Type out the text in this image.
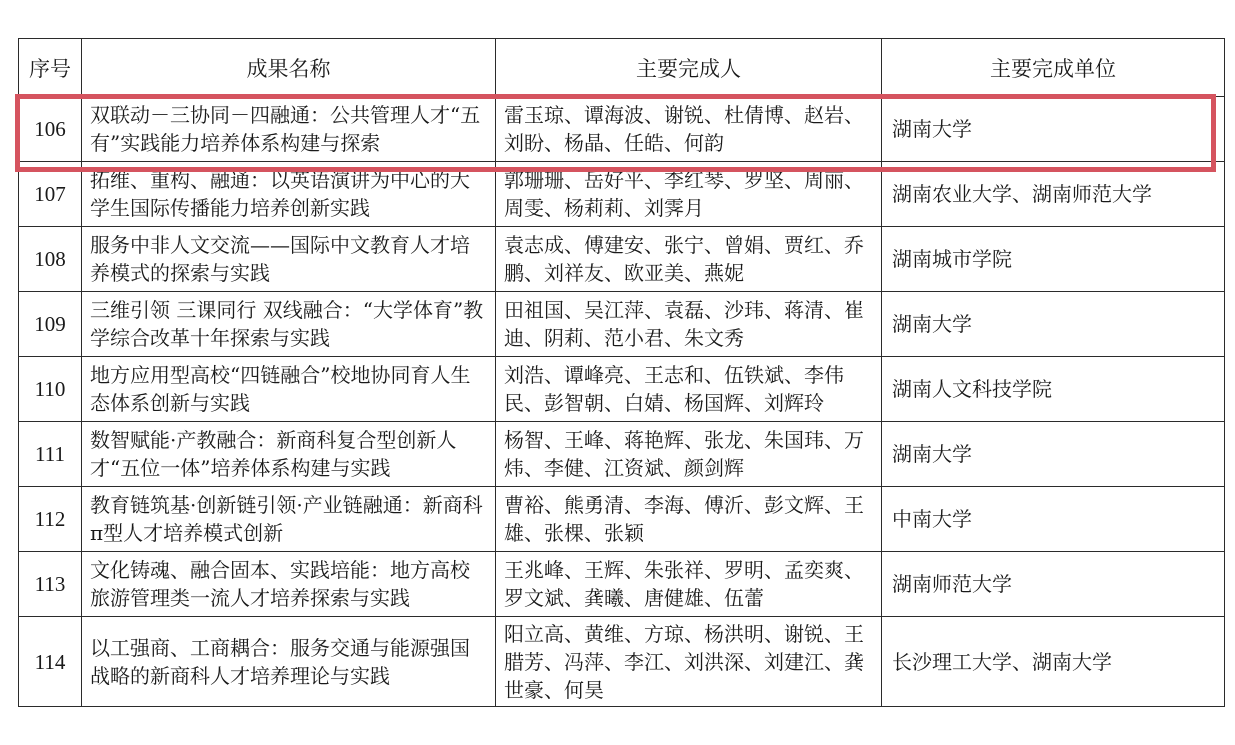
序号	成果名称	主要完成人	主要完成单位
106	双联动－三协同－四融通：公共管理人才“五有”实践能力培养体系构建与探索	雷玉琼、谭海波、谢锐、杜倩博、赵岩、刘盼、杨晶、任皓、何韵	湖南大学
107	拓维、重构、融通：以英语演讲为中心的大学生国际传播能力培养创新实践	郭珊珊、岳好平、李红琴、罗坚、周丽、周雯、杨莉莉、刘霁月	湖南农业大学、湖南师范大学
108	服务中非人文交流——国际中文教育人才培养模式的探索与实践	袁志成、傅建安、张宁、曾娟、贾红、乔鹏、刘祥友、欧亚美、燕妮	湖南城市学院
109	三维引领 三课同行 双线融合：“大学体育”教学综合改革十年探索与实践	田祖国、吴江萍、袁磊、沙玮、蒋清、崔迪、阴莉、范小君、朱文秀	湖南大学
110	地方应用型高校“四链融合”校地协同育人生态体系创新与实践	刘浩、谭峰亮、王志和、伍铁斌、李伟民、彭智朝、白婧、杨国辉、刘辉玲	湖南人文科技学院
111	数智赋能·产教融合：新商科复合型创新人才“五位一体”培养体系构建与实践	杨智、王峰、蒋艳辉、张龙、朱国玮、万炜、李健、江资斌、颜剑辉	湖南大学
112	教育链筑基·创新链引领·产业链融通：新商科π型人才培养模式创新	曹裕、熊勇清、李海、傅沂、彭文辉、王雄、张棵、张颖	中南大学
113	文化铸魂、融合固本、实践培能：地方高校旅游管理类一流人才培养探索与实践	王兆峰、王辉、朱张祥、罗明、孟奕爽、罗文斌、龚曦、唐健雄、伍蕾	湖南师范大学
114	以工强商、工商耦合：服务交通与能源强国战略的新商科人才培养理论与实践	阳立高、黄维、方琼、杨洪明、谢锐、王腊芳、冯萍、李江、刘洪深、刘建江、龚世豪、何昊	长沙理工大学、湖南大学
